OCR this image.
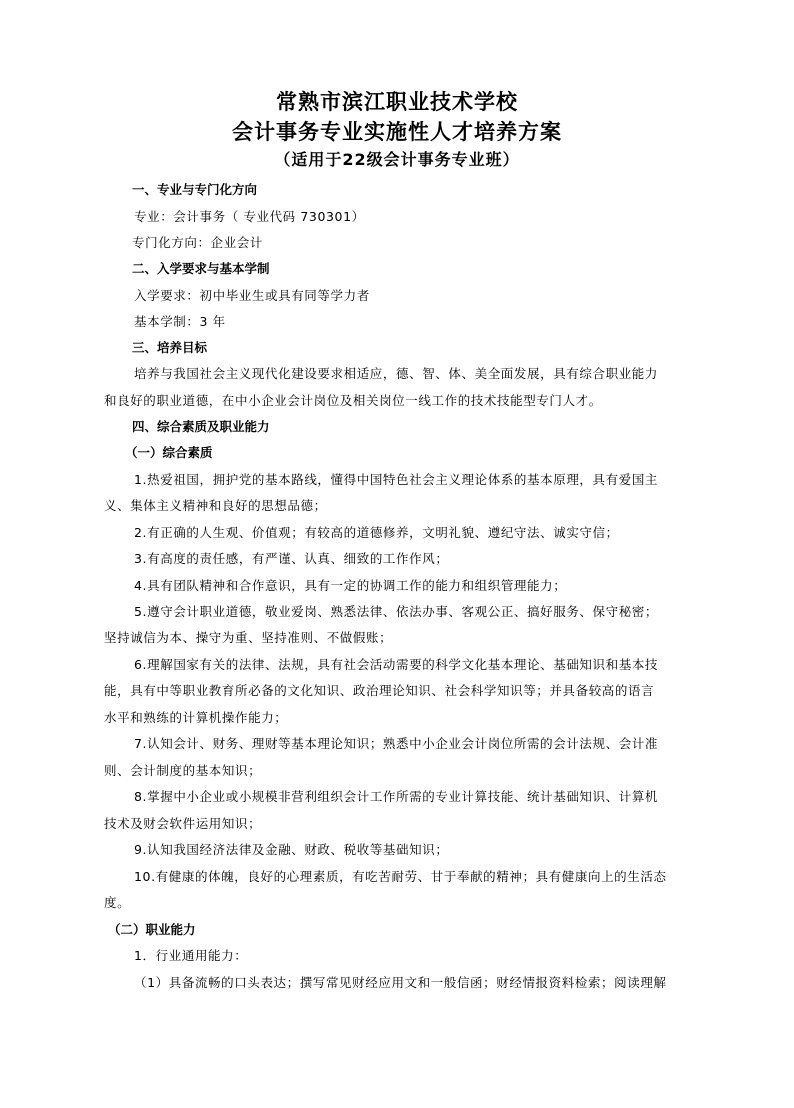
常熟市滨江职业技术学校
会计事务专业实施性人才培养方案
（适用于22级会计事务专业班）
一、专业与专门化方向
专业：会计事务（ 专业代码 730301）
专门化方向：企业会计
二、入学要求与基本学制
入学要求：初中毕业生或具有同等学力者
基本学制：3 年
三、培养目标
培养与我国社会主义现代化建设要求相适应，德、智、体、美全面发展，具有综合职业能力
和良好的职业道德，在中小企业会计岗位及相关岗位一线工作的技术技能型专门人才。
四、综合素质及职业能力
（一）综合素质
1.热爱祖国，拥护党的基本路线，懂得中国特色社会主义理论体系的基本原理，具有爱国主
义、集体主义精神和良好的思想品德；
2.有正确的人生观、价值观；有较高的道德修养，文明礼貌、遵纪守法、诚实守信；
3.有高度的责任感，有严谨、认真、细致的工作作风；
4.具有团队精神和合作意识，具有一定的协调工作的能力和组织管理能力；
5.遵守会计职业道德，敬业爱岗、熟悉法律、依法办事、客观公正、搞好服务、保守秘密；
坚持诚信为本、操守为重、坚持准则、不做假账；
6.理解国家有关的法律、法规，具有社会活动需要的科学文化基本理论、基础知识和基本技
能，具有中等职业教育所必备的文化知识、政治理论知识、社会科学知识等；并具备较高的语言
水平和熟练的计算机操作能力；
7.认知会计、财务、理财等基本理论知识；熟悉中小企业会计岗位所需的会计法规、会计准
则、会计制度的基本知识；
8.掌握中小企业或小规模非营利组织会计工作所需的专业计算技能、统计基础知识、计算机
技术及财会软件运用知识；
9.认知我国经济法律及金融、财政、税收等基础知识；
10.有健康的体魄，良好的心理素质，有吃苦耐劳、甘于奉献的精神；具有健康向上的生活态
度。
（二）职业能力
1．行业通用能力：
（1）具备流畅的口头表达；撰写常见财经应用文和一般信函；财经情报资料检索；阅读理解
